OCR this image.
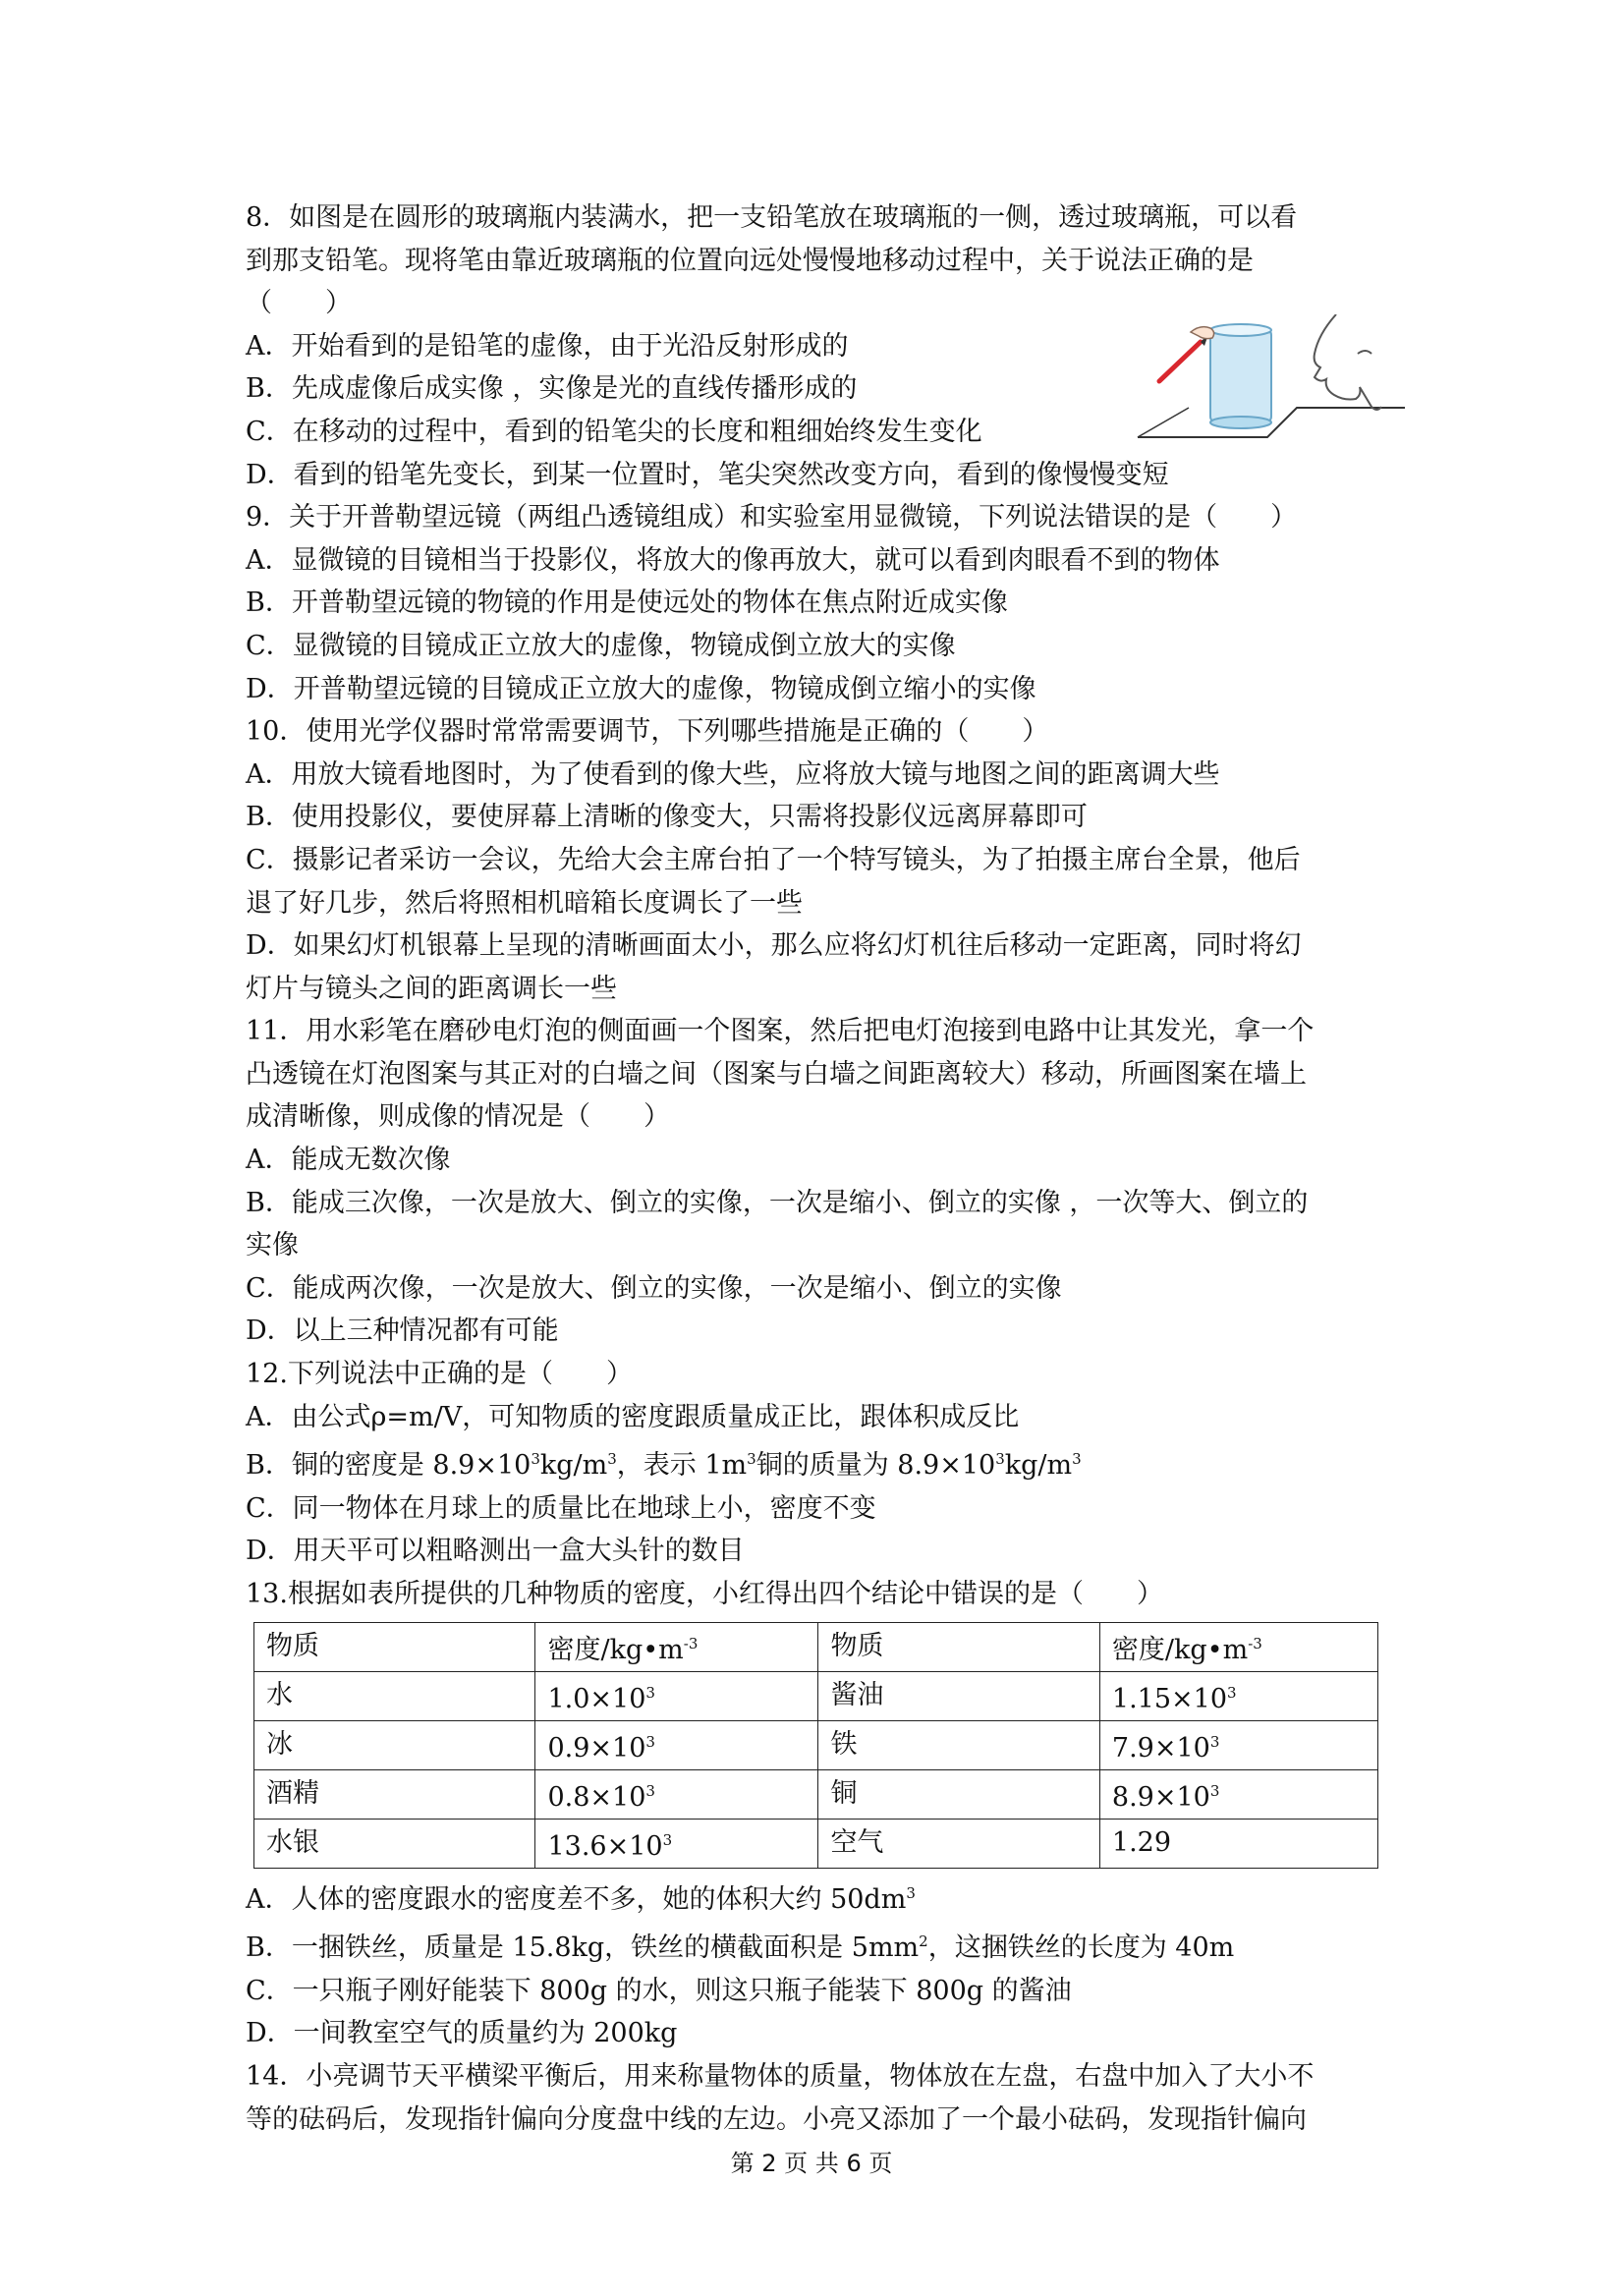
8．如图是在圆形的玻璃瓶内装满水，把一支铅笔放在玻璃瓶的一侧，透过玻璃瓶，可以看
到那支铅笔。现将笔由靠近玻璃瓶的位置向远处慢慢地移动过程中，关于说法正确的是
（　　）
A．开始看到的是铅笔的虚像，由于光沿反射形成的
B．先成虚像后成实像 ，实像是光的直线传播形成的
C．在移动的过程中，看到的铅笔尖的长度和粗细始终发生变化
D．看到的铅笔先变长，到某一位置时，笔尖突然改变方向，看到的像慢慢变短
9．关于开普勒望远镜（两组凸透镜组成）和实验室用显微镜，下列说法错误的是（　　）
A．显微镜的目镜相当于投影仪，将放大的像再放大，就可以看到肉眼看不到的物体
B．开普勒望远镜的物镜的作用是使远处的物体在焦点附近成实像
C．显微镜的目镜成正立放大的虚像，物镜成倒立放大的实像
D．开普勒望远镜的目镜成正立放大的虚像，物镜成倒立缩小的实像
10．使用光学仪器时常常需要调节，下列哪些措施是正确的（　　）
A．用放大镜看地图时，为了使看到的像大些，应将放大镜与地图之间的距离调大些
B．使用投影仪，要使屏幕上清晰的像变大，只需将投影仪远离屏幕即可
C．摄影记者采访一会议，先给大会主席台拍了一个特写镜头，为了拍摄主席台全景，他后
退了好几步，然后将照相机暗箱长度调长了一些
D．如果幻灯机银幕上呈现的清晰画面太小，那么应将幻灯机往后移动一定距离，同时将幻
灯片与镜头之间的距离调长一些
11．用水彩笔在磨砂电灯泡的侧面画一个图案，然后把电灯泡接到电路中让其发光，拿一个
凸透镜在灯泡图案与其正对的白墙之间（图案与白墙之间距离较大）移动，所画图案在墙上
成清晰像，则成像的情况是（　　）
A．能成无数次像
B．能成三次像，一次是放大、倒立的实像，一次是缩小、倒立的实像 ，一次等大、倒立的
实像
C．能成两次像，一次是放大、倒立的实像，一次是缩小、倒立的实像
D．以上三种情况都有可能
12.下列说法中正确的是（　　）
A．由公式ρ=m/V，可知物质的密度跟质量成正比，跟体积成反比
B．铜的密度是 $8.9\times 10^3kg/m^3$，表示 $1m^3$铜的质量为 $8.9\times 10^3kg/m^3$
C．同一物体在月球上的质量比在地球上小，密度不变
D．用天平可以粗略测出一盒大头针的数目
13.根据如表所提供的几种物质的密度，小红得出四个结论中错误的是（　　）
物质	密度$/kg•m^{-3}$	物质	密度$/kg•m^{-3}$
水	$1.0\times 10^3$	酱油	$1.15\times 10^3$
冰	$0.9\times 10^3$	铁	$7.9\times 10^3$
酒精	$0.8\times 10^3$	铜	$8.9\times 10^3$
水银	$13.6\times 10^3$	空气	1.29
A．人体的密度跟水的密度差不多，她的体积大约 $50dm^3$
B．一捆铁丝，质量是 15.8kg，铁丝的横截面积是 $5mm^2$，这捆铁丝的长度为 40m
C．一只瓶子刚好能装下 800g 的水，则这只瓶子能装下 800g 的酱油
D．一间教室空气的质量约为 200kg
14．小亮调节天平横梁平衡后，用来称量物体的质量，物体放在左盘，右盘中加入了大小不
等的砝码后，发现指针偏向分度盘中线的左边。小亮又添加了一个最小砝码，发现指针偏向
第 2 页 共 6 页
